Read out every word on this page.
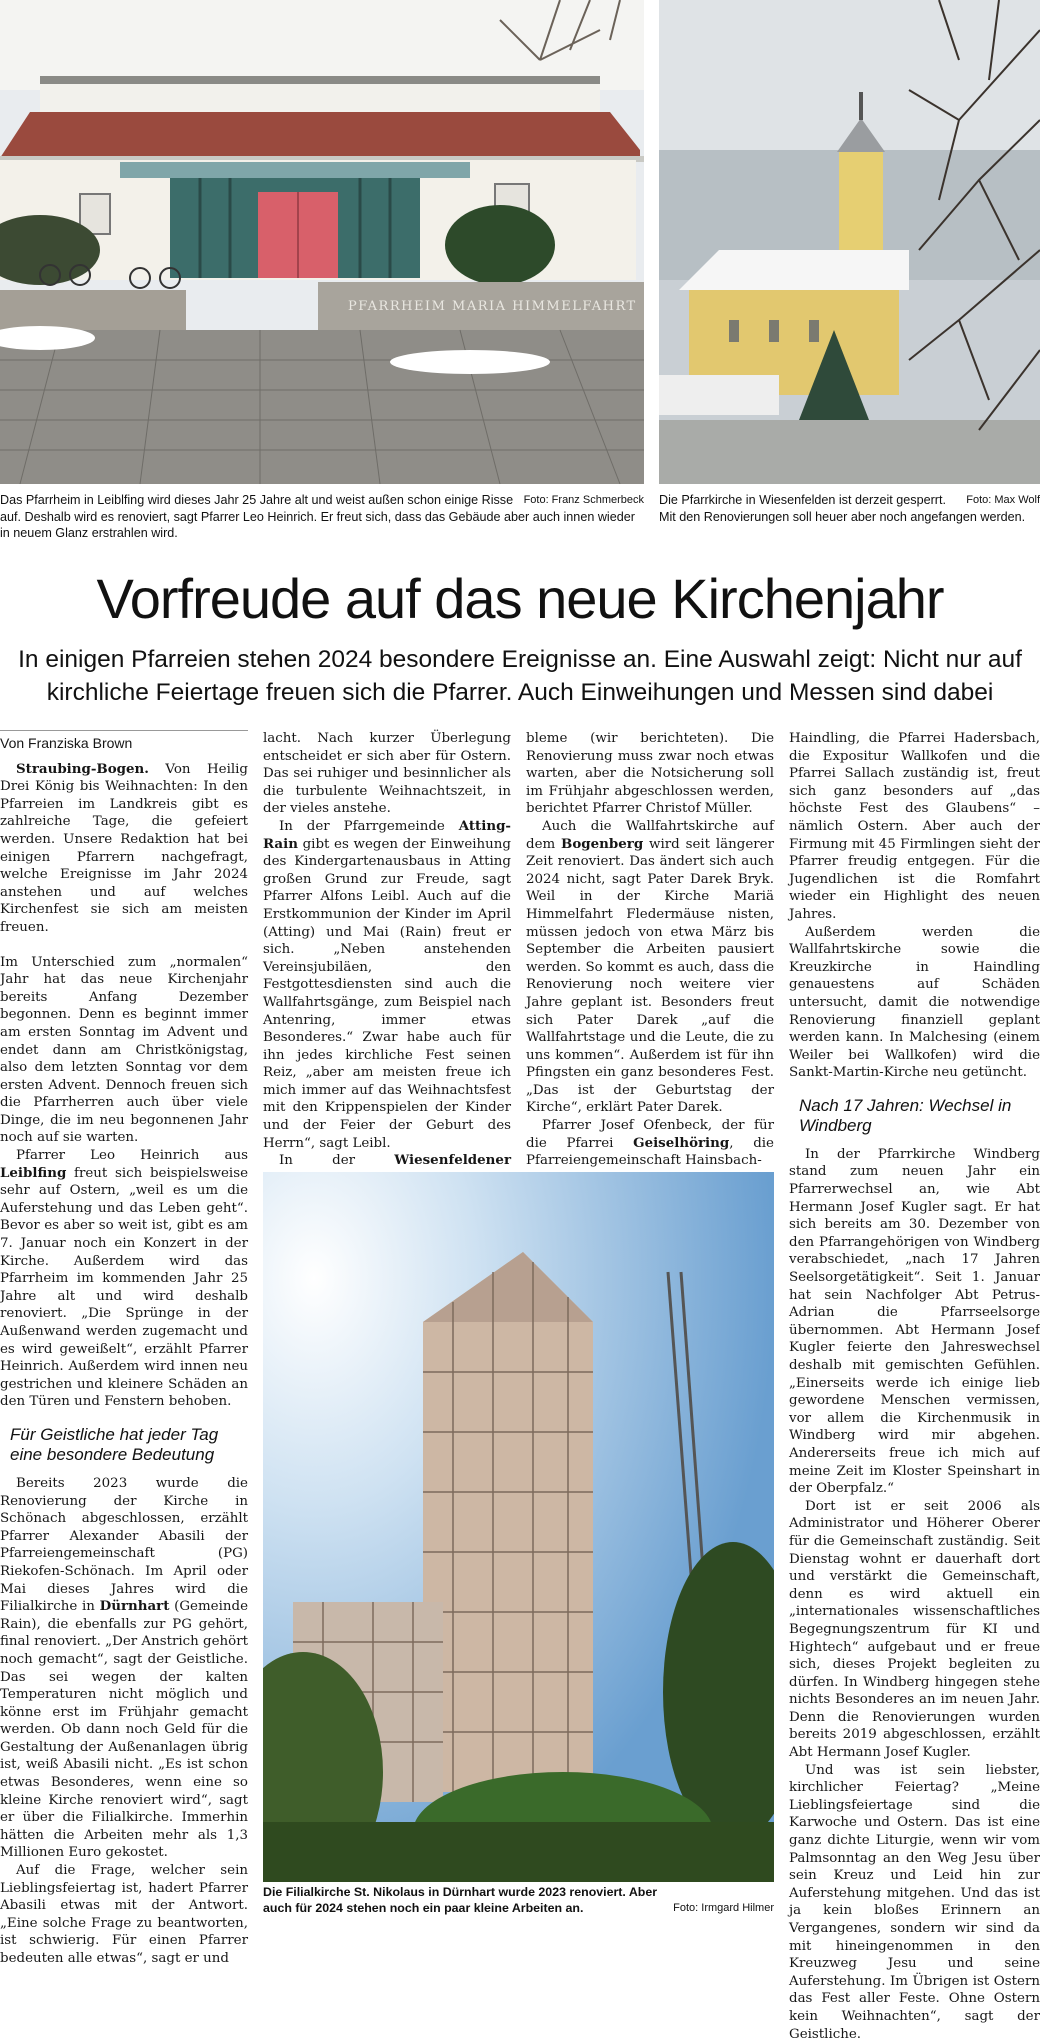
PFARRHEIM MARIA HIMMELFAHRT
Foto: Franz Schmerbeck
Das Pfarrheim in Leiblfing wird dieses Jahr 25 Jahre alt und weist außen schon einige Risse auf. Deshalb wird es renoviert, sagt Pfarrer Leo Heinrich. Er freut sich, dass das Gebäude aber auch innen wieder in neuem Glanz erstrahlen wird.
Foto: Max Wolf
Die Pfarrkirche in Wiesenfelden ist derzeit gesperrt. Mit den Renovierungen soll heuer aber noch angefangen werden.
Vorfreude auf das neue Kirchenjahr
In einigen Pfarreien stehen 2024 besondere Ereignisse an. Eine Auswahl zeigt: Nicht nur auf kirchliche Feiertage freuen sich die Pfarrer. Auch Einweihungen und Messen sind dabei
Von Franziska Brown

Straubing-Bogen. Von Heilig Drei König bis Weihnachten: In den Pfarreien im Landkreis gibt es zahlreiche Tage, die gefeiert werden. Unsere Redaktion hat bei einigen Pfarrern nachgefragt, welche Ereignisse im Jahr 2024 anstehen und auf welches Kirchenfest sie sich am meisten freuen.

Im Unterschied zum „normalen“ Jahr hat das neue Kirchenjahr bereits Anfang Dezember begonnen. Denn es beginnt immer am ersten Sonntag im Advent und endet dann am Christkönigstag, also dem letzten Sonntag vor dem ersten Advent. Dennoch freuen sich die Pfarrherren auch über viele Dinge, die im neu begonnenen Jahr noch auf sie warten.

Pfarrer Leo Heinrich aus Leiblfing freut sich beispielsweise sehr auf Ostern, „weil es um die Auferstehung und das Leben geht“. Bevor es aber so weit ist, gibt es am 7. Januar noch ein Konzert in der Kirche. Außerdem wird das Pfarrheim im kommenden Jahr 25 Jahre alt und wird deshalb renoviert. „Die Sprünge in der Außenwand werden zugemacht und es wird geweißelt“, erzählt Pfarrer Heinrich. Außerdem wird innen neu gestrichen und kleinere Schäden an den Türen und Fenstern behoben.

Für Geistliche hat jeder Tag eine besondere Bedeutung

Bereits 2023 wurde die Renovierung der Kirche in Schönach abgeschlossen, erzählt Pfarrer Alexander Abasili der Pfarreiengemeinschaft (PG) Riekofen-Schönach. Im April oder Mai dieses Jahres wird die Filialkirche in Dürnhart (Gemeinde Rain), die ebenfalls zur PG gehört, final renoviert. „Der Anstrich gehört noch gemacht“, sagt der Geistliche. Das sei wegen der kalten Temperaturen nicht möglich und könne erst im Frühjahr gemacht werden. Ob dann noch Geld für die Gestaltung der Außenanlagen übrig ist, weiß Abasili nicht. „Es ist schon etwas Besonderes, wenn eine so kleine Kirche renoviert wird“, sagt er über die Filialkirche. Immerhin hätten die Arbeiten mehr als 1,3 Millionen Euro gekostet.

Auf die Frage, welcher sein Lieblingsfeiertag ist, hadert Pfarrer Abasili etwas mit der Antwort. „Eine solche Frage zu beantworten, ist schwierig. Für einen Pfarrer bedeuten alle etwas“, sagt er und

lacht. Nach kurzer Überlegung entscheidet er sich aber für Ostern. Das sei ruhiger und besinnlicher als die turbulente Weihnachtszeit, in der vieles anstehe.

In der Pfarrgemeinde Atting-Rain gibt es wegen der Einweihung des Kindergartenausbaus in Atting großen Grund zur Freude, sagt Pfarrer Alfons Leibl. Auch auf die Erstkommunion der Kinder im April (Atting) und Mai (Rain) freut er sich. „Neben anstehenden Vereinsjubiläen, den Festgottesdiensten sind auch die Wallfahrtsgänge, zum Beispiel nach Antenring, immer etwas Besonderes.“ Zwar habe auch für ihn jedes kirchliche Fest seinen Reiz, „aber am meisten freue ich mich immer auf das Weihnachtsfest mit den Krippenspielen der Kinder und der Feier der Geburt des Herrn“, sagt Leibl.

In der Wiesenfeldener

bleme (wir berichteten). Die Renovierung muss zwar noch etwas warten, aber die Notsicherung soll im Frühjahr abgeschlossen werden, berichtet Pfarrer Christof Müller.

Auch die Wallfahrtskirche auf dem Bogenberg wird seit längerer Zeit renoviert. Das ändert sich auch 2024 nicht, sagt Pater Darek Bryk. Weil in der Kirche Mariä Himmelfahrt Fledermäuse nisten, müssen jedoch von etwa März bis September die Arbeiten pausiert werden. So kommt es auch, dass die Renovierung noch weitere vier Jahre geplant ist. Besonders freut sich Pater Darek „auf die Wallfahrtstage und die Leute, die zu uns kommen“. Außerdem ist für ihn Pfingsten ein ganz besonderes Fest. „Das ist der Geburtstag der Kirche“, erklärt Pater Darek.

Pfarrer Josef Ofenbeck, der für die Pfarrei Geiselhöring, die Pfarreiengemeinschaft Hainsbach-

Foto: Irmgard Hilmer
Die Filialkirche St. Nikolaus in Dürnhart wurde 2023 renoviert. Aber auch für 2024 stehen noch ein paar kleine Arbeiten an.

Haindling, die Pfarrei Hadersbach, die Expositur Wallkofen und die Pfarrei Sallach zuständig ist, freut sich ganz besonders auf „das höchste Fest des Glaubens“ – nämlich Ostern. Aber auch der Firmung mit 45 Firmlingen sieht der Pfarrer freudig entgegen. Für die Jugendlichen ist die Romfahrt wieder ein Highlight des neuen Jahres.

Außerdem werden die Wallfahrtskirche sowie die Kreuzkirche in Haindling genauestens auf Schäden untersucht, damit die notwendige Renovierung finanziell geplant werden kann. In Malchesing (einem Weiler bei Wallkofen) wird die Sankt-Martin-Kirche neu getüncht.

Nach 17 Jahren: Wechsel in Windberg

In der Pfarrkirche Windberg stand zum neuen Jahr ein Pfarrerwechsel an, wie Abt Hermann Josef Kugler sagt. Er hat sich bereits am 30. Dezember von den Pfarrangehörigen von Windberg verabschiedet, „nach 17 Jahren Seelsorgetätigkeit“. Seit 1. Januar hat sein Nachfolger Abt Petrus-Adrian die Pfarrseelsorge übernommen. Abt Hermann Josef Kugler feierte den Jahreswechsel deshalb mit gemischten Gefühlen. „Einerseits werde ich einige lieb gewordene Menschen vermissen, vor allem die Kirchenmusik in Windberg wird mir abgehen. Andererseits freue ich mich auf meine Zeit im Kloster Speinshart in der Oberpfalz.“

Dort ist er seit 2006 als Administrator und Höherer Oberer für die Gemeinschaft zuständig. Seit Dienstag wohnt er dauerhaft dort und verstärkt die Gemeinschaft, denn es wird aktuell ein „internationales wissenschaftliches Begegnungszentrum für KI und Hightech“ aufgebaut und er freue sich, dieses Projekt begleiten zu dürfen. In Windberg hingegen stehe nichts Besonderes an im neuen Jahr. Denn die Renovierungen wurden bereits 2019 abgeschlossen, erzählt Abt Hermann Josef Kugler.

Und was ist sein liebster, kirchlicher Feiertag? „Meine Lieblingsfeiertage sind die Karwoche und Ostern. Das ist eine ganz dichte Liturgie, wenn wir vom Palmsonntag an den Weg Jesu über sein Kreuz und Leid hin zur Auferstehung mitgehen. Und das ist ja kein bloßes Erinnern an Vergangenes, sondern wir sind da mit hineingenommen in den Kreuzweg Jesu und seine Auferstehung. Im Übrigen ist Ostern das Fest aller Feste. Ohne Ostern kein Weihnachten“, sagt der Geistliche.
